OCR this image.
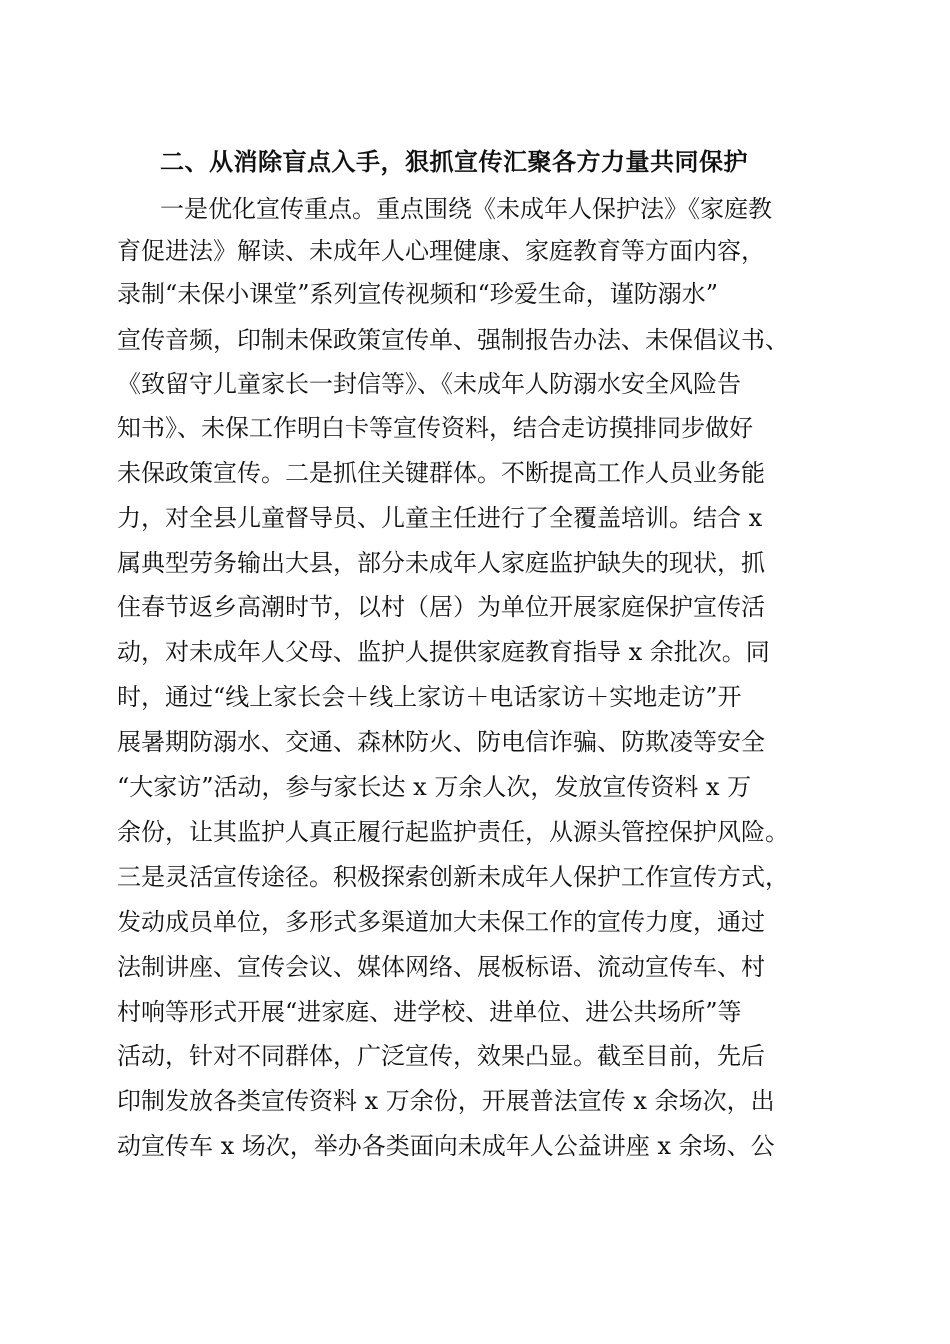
二、从消除盲点入手，狠抓宣传汇聚各方力量共同保护
一是优化宣传重点。重点围绕《未成年人保护法》《家庭教
育促进法》解读、未成年人心理健康、家庭教育等方面内容，
录制“未保小课堂”系列宣传视频和“珍爱生命，谨防溺水”
宣传音频，印制未保政策宣传单、强制报告办法、未保倡议书、
《致留守儿童家长一封信等》、《未成年人防溺水安全风险告
知书》、未保工作明白卡等宣传资料，结合走访摸排同步做好
未保政策宣传。二是抓住关键群体。不断提高工作人员业务能
力，对全县儿童督导员、儿童主任进行了全覆盖培训。结合 x
属典型劳务输出大县，部分未成年人家庭监护缺失的现状，抓
住春节返乡高潮时节，以村（居）为单位开展家庭保护宣传活
动，对未成年人父母、监护人提供家庭教育指导 x 余批次。同
时，通过“线上家长会＋线上家访＋电话家访＋实地走访”开
展暑期防溺水、交通、森林防火、防电信诈骗、防欺凌等安全
“大家访”活动，参与家长达 x 万余人次，发放宣传资料 x 万
余份，让其监护人真正履行起监护责任，从源头管控保护风险。
三是灵活宣传途径。积极探索创新未成年人保护工作宣传方式，
发动成员单位，多形式多渠道加大未保工作的宣传力度，通过
法制讲座、宣传会议、媒体网络、展板标语、流动宣传车、村
村响等形式开展“进家庭、进学校、进单位、进公共场所”等
活动，针对不同群体，广泛宣传，效果凸显。截至目前，先后
印制发放各类宣传资料 x 万余份，开展普法宣传 x 余场次，出
动宣传车 x 场次，举办各类面向未成年人公益讲座 x 余场、公
